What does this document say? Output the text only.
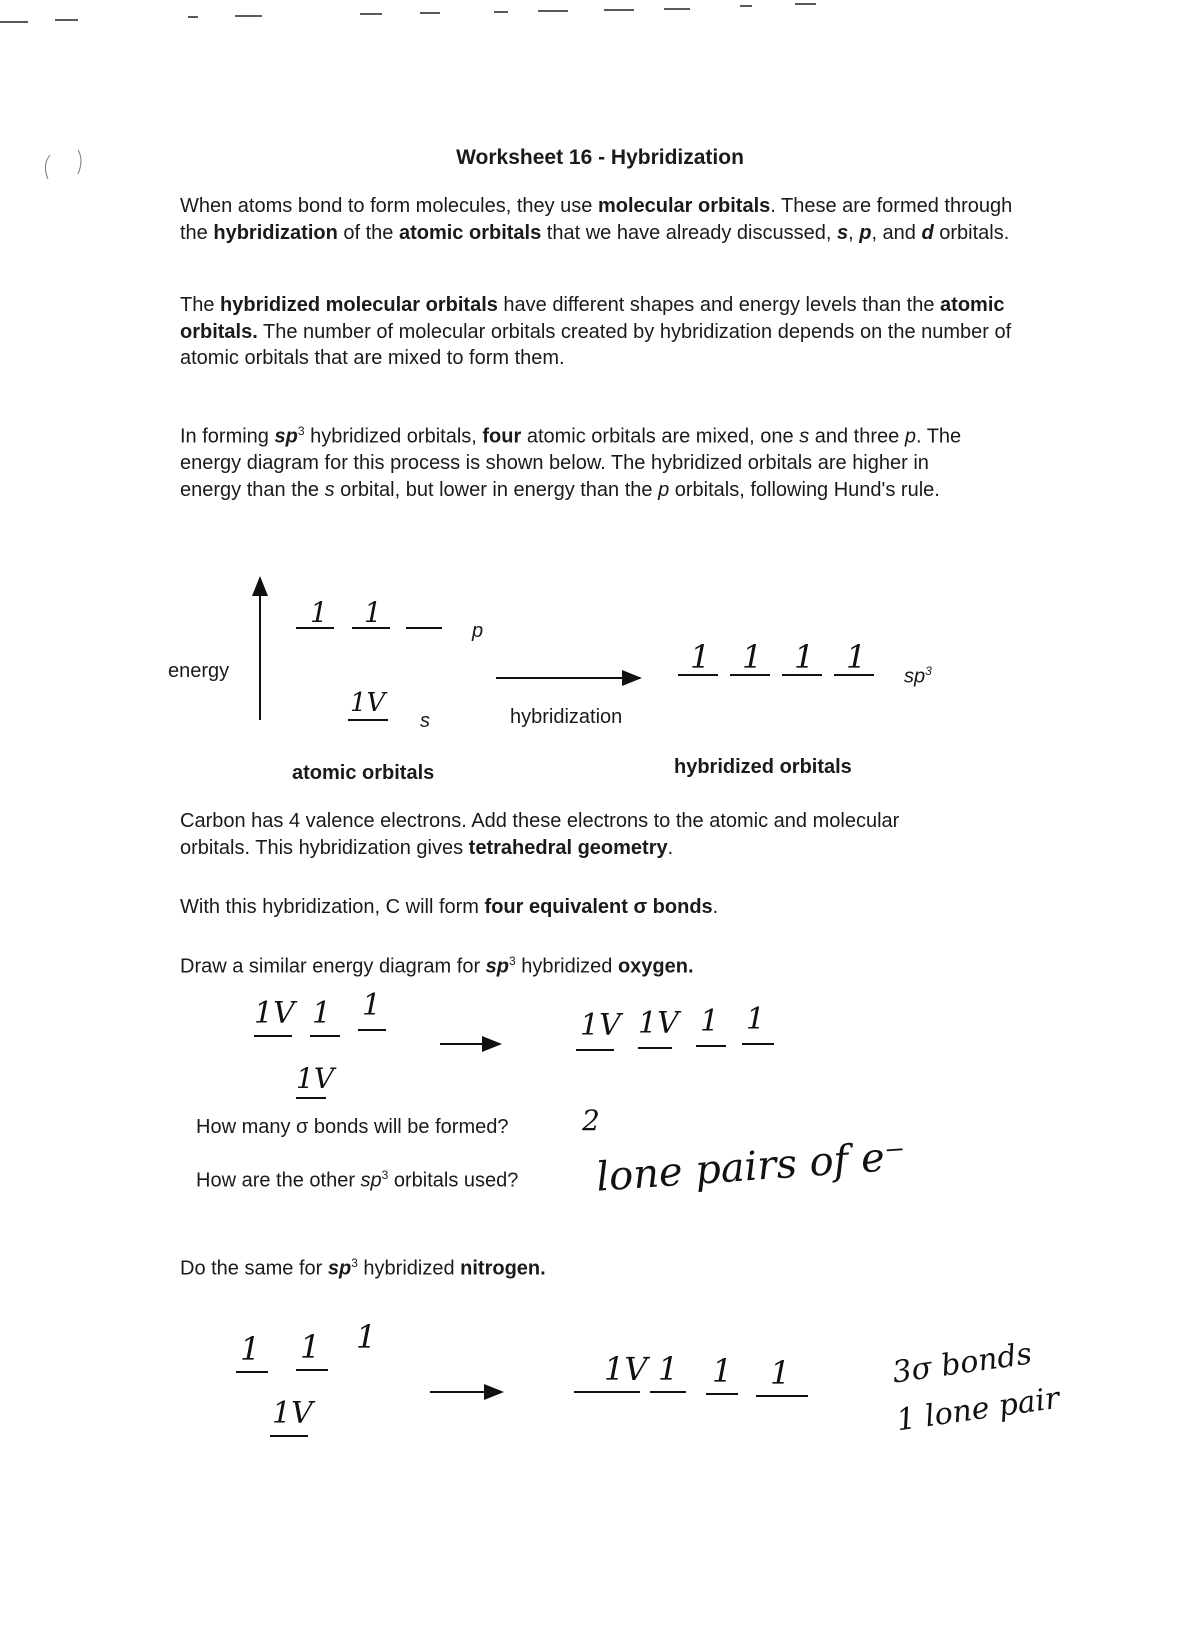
Worksheet 16 - Hybridization
When atoms bond to form molecules, they use molecular orbitals. These are formed through the hybridization of the atomic orbitals that we have already discussed, s, p, and d orbitals.
The hybridized molecular orbitals have different shapes and energy levels than the atomic orbitals. The number of molecular orbitals created by hybridization depends on the number of atomic orbitals that are mixed to form them.
In forming $sp^3$ hybridized orbitals, four atomic orbitals are mixed, one s and three p. The energy diagram for this process is shown below. The hybridized orbitals are higher in energy than the s orbital, but lower in energy than the p orbitals, following Hund's rule.
energy
1 1
p
1V
s	hybridization
1 1 1 1
$sp^3$
atomic orbitals	hybridized orbitals
Carbon has 4 valence electrons. Add these electrons to the atomic and molecular orbitals. This hybridization gives tetrahedral geometry.
With this hybridization, C will form four equivalent σ bonds.
Draw a similar energy diagram for $sp^3$ hybridized oxygen.
1V 1 1
1V
1V 1V 1 1
How many σ bonds will be formed?	2
How are the other $sp^3$ orbitals used? lone pairs of e⁻
Do the same for $sp^3$ hybridized nitrogen.
1 1 1
1V
1V 1 1 1	3σ bonds
1 lone pair
